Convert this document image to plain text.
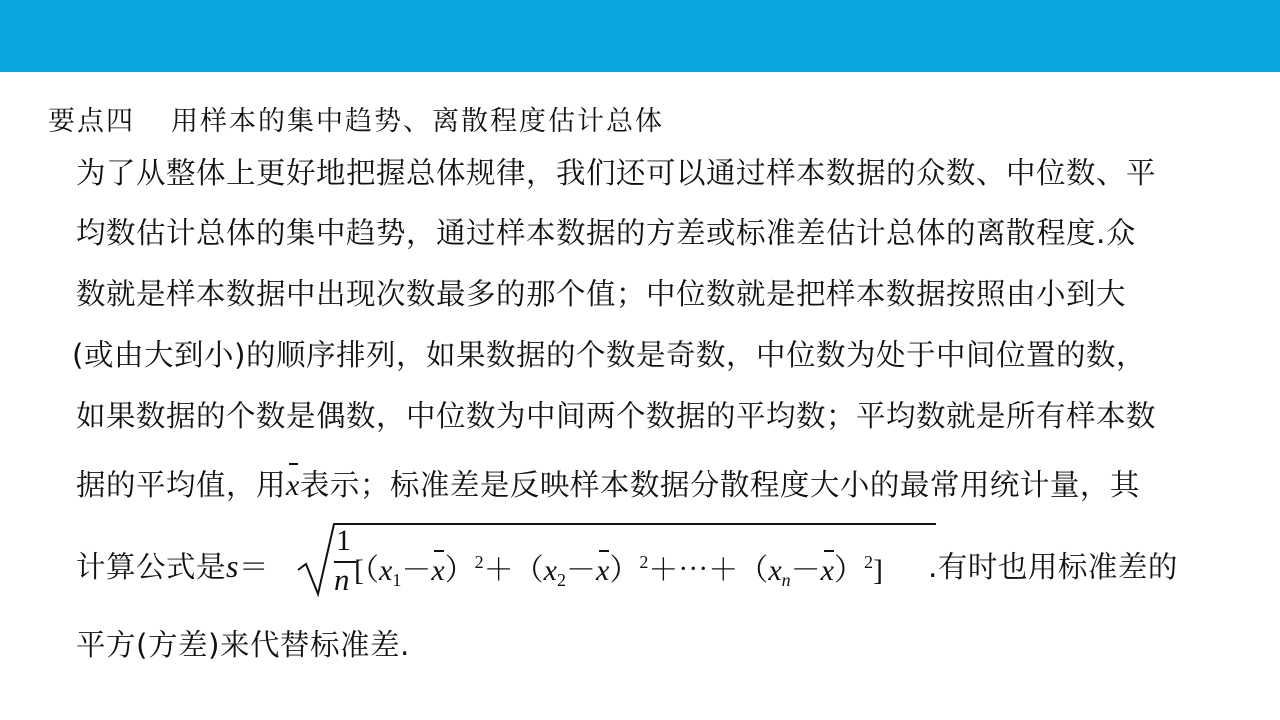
要点四 用样本的集中趋势、离散程度估计总体
为了从整体上更好地把握总体规律，我们还可以通过样本数据的众数、中位数、平
均数估计总体的集中趋势，通过样本数据的方差或标准差估计总体的离散程度.众
数就是样本数据中出现次数最多的那个值；中位数就是把样本数据按照由小到大
(或由大到小)的顺序排列，如果数据的个数是奇数，中位数为处于中间位置的数，
如果数据的个数是偶数，中位数为中间两个数据的平均数；平均数就是所有样本数
据的平均值，用x表示；标准差是反映样本数据分散程度大小的最常用统计量，其
计算公式是s＝
1
n $[(x_1-x)^2+(x_2-x)^2+\cdots+(x_n-x)^2]$ .有时也用标准差的
平方(方差)来代替标准差.
